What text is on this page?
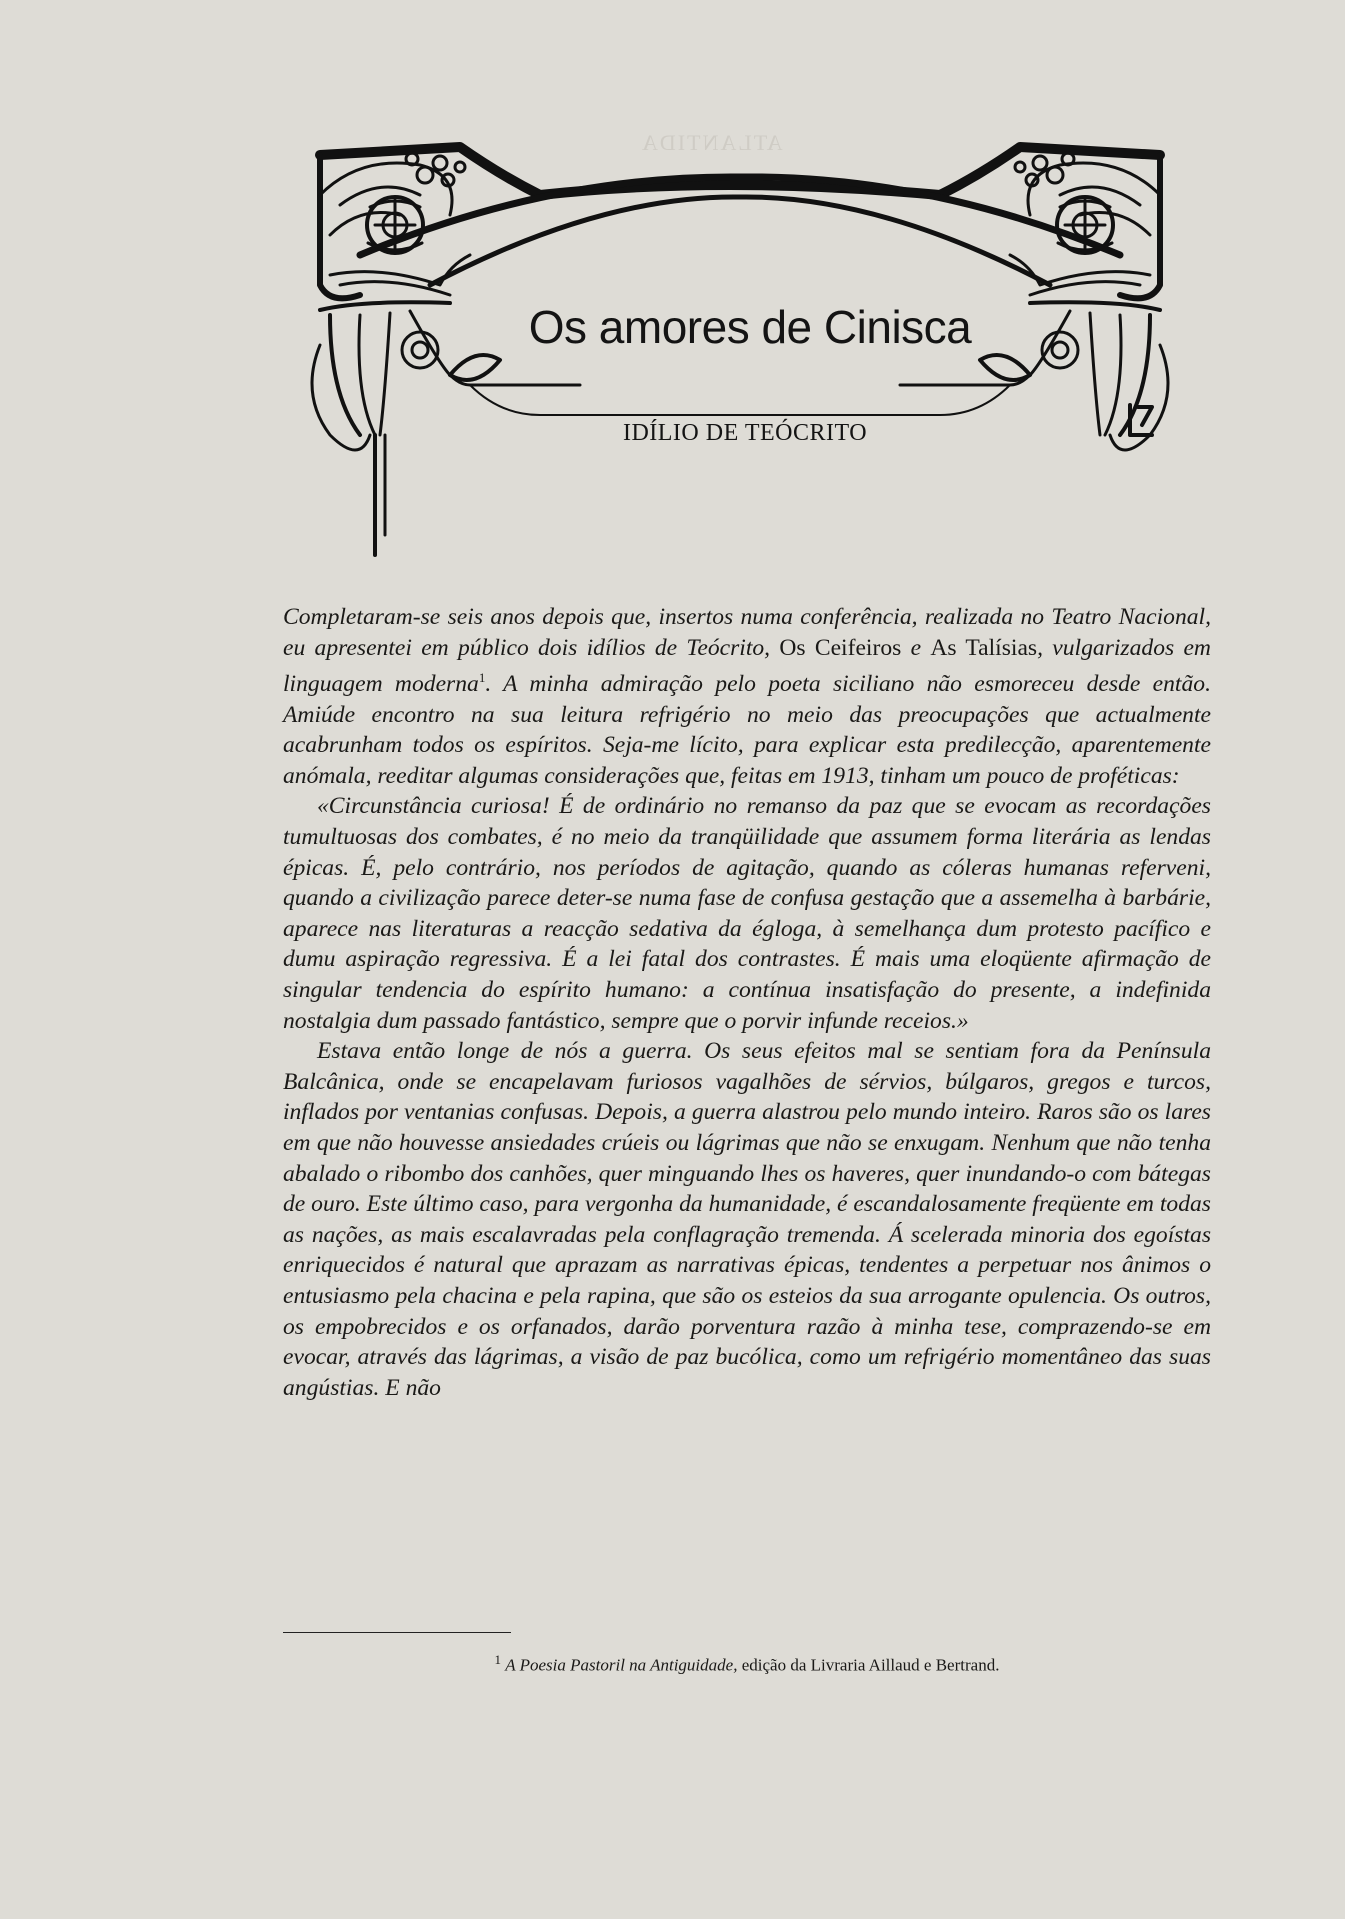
ATLANTIDA
Os amores de Cinisca
IDÍLIO DE TEÓCRITO

Completaram-se seis anos depois que, insertos numa conferência, realizada no Teatro Nacional, eu apresentei em público dois idílios de Teócrito, Os Ceifeiros e As Talísias, vulgarizados em linguagem moderna$^1$. A minha admiração pelo poeta siciliano não esmoreceu desde então. Amiúde encontro na sua leitura refrigério no meio das preocupações que actualmente acabrunham todos os espíritos. Seja-me lícito, para explicar esta predilecção, aparentemente anómala, reeditar algumas considerações que, feitas em 1913, tinham um pouco de proféticas:

«Circunstância curiosa! É de ordinário no remanso da paz que se evocam as recordações tumultuosas dos combates, é no meio da tranqüilidade que assumem forma literária as lendas épicas. É, pelo contrário, nos períodos de agitação, quando as cóleras humanas referveni, quando a civilização parece deter-se numa fase de confusa gestação que a assemelha à barbárie, aparece nas literaturas a reacção sedativa da égloga, à semelhança dum protesto pacífico e dumu aspiração regressiva. É a lei fatal dos contrastes. É mais uma eloqüente afirmação de singular tendencia do espírito humano: a contínua insatisfação do presente, a indefinida nostalgia dum passado fantástico, sempre que o porvir infunde receios.»

Estava então longe de nós a guerra. Os seus efeitos mal se sentiam fora da Península Balcânica, onde se encapelavam furiosos vagalhões de sérvios, búlgaros, gregos e turcos, inflados por ventanias confusas. Depois, a guerra alastrou pelo mundo inteiro. Raros são os lares em que não houvesse ansiedades crúeis ou lágrimas que não se enxugam. Nenhum que não tenha abalado o ribombo dos canhões, quer minguando lhes os haveres, quer inundando-o com bátegas de ouro. Este último caso, para vergonha da humanidade, é escandalosamente freqüente em todas as nações, as mais escalavradas pela conflagração tremenda. Á scelerada minoria dos egoístas enriquecidos é natural que aprazam as narrativas épicas, tendentes a perpetuar nos ânimos o entusiasmo pela chacina e pela rapina, que são os esteios da sua arrogante opulencia. Os outros, os empobrecidos e os orfanados, darão porventura razão à minha tese, comprazendo-se em evocar, através das lágrimas, a visão de paz bucólica, como um refrigério momentâneo das suas angústias. E não

$^1$ A Poesia Pastoril na Antiguidade, edição da Livraria Aillaud e Bertrand.
